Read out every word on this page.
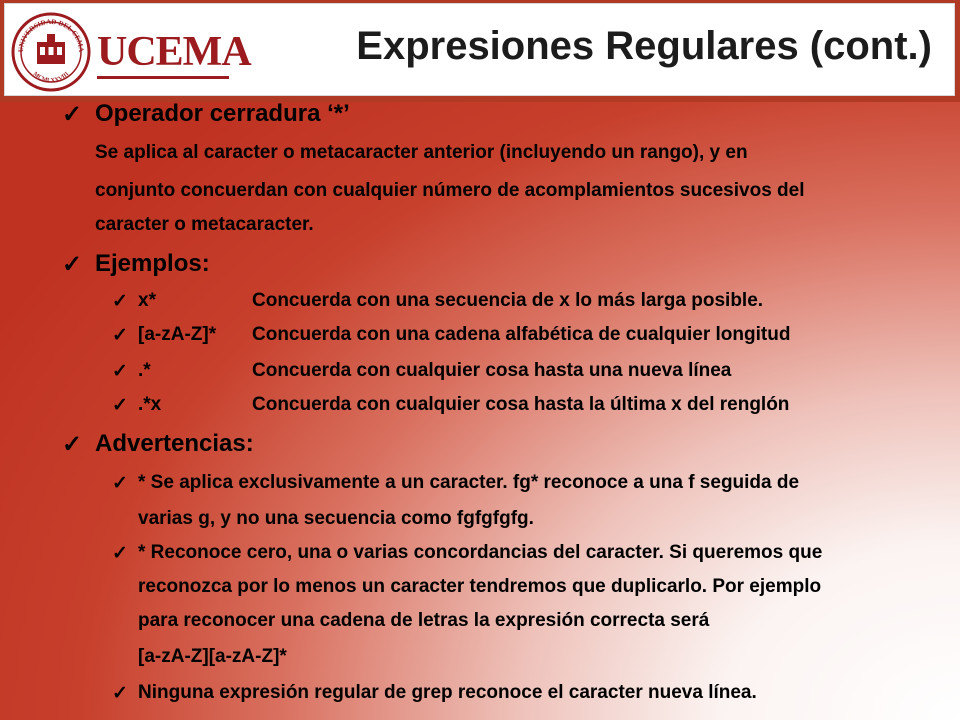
UNIVERSIDAD DEL CEMA
MCMLXXVIII UCEMA	Expresiones Regulares (cont.)
✓ Operador cerradura ‘*’
Se aplica al caracter o metacaracter anterior (incluyendo un rango), y en
conjunto concuerdan con cualquier número de acomplamientos sucesivos del
caracter o metacaracter.
✓ Ejemplos:
✓ x*	Concuerda con una secuencia de x lo más larga posible.
✓ [a-zA-Z]* Concuerda con una cadena alfabética de cualquier longitud
✓ .*	Concuerda con cualquier cosa hasta una nueva línea
✓ .*x	Concuerda con cualquier cosa hasta la última x del renglón
✓ Advertencias:
✓ * Se aplica exclusivamente a un caracter. fg* reconoce a una f seguida de
varias g, y no una secuencia como fgfgfgfg.
✓ * Reconoce cero, una o varias concordancias del caracter. Si queremos que
reconozca por lo menos un caracter tendremos que duplicarlo. Por ejemplo
para reconocer una cadena de letras la expresión correcta será
[a-zA-Z][a-zA-Z]*
✓ Ninguna expresión regular de grep reconoce el caracter nueva línea.
